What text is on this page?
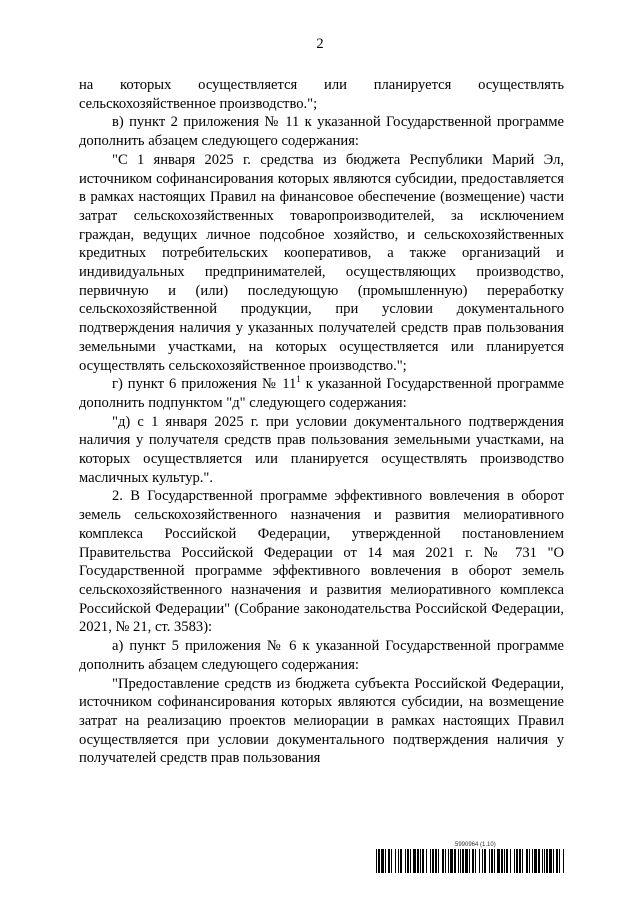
2

на которых осуществляется или планируется осуществлять сельскохозяйственное производство.";

в) пункт 2 приложения № 11 к указанной Государственной программе дополнить абзацем следующего содержания:

"С 1 января 2025 г. средства из бюджета Республики Марий Эл, источником софинансирования которых являются субсидии, предоставляется в рамках настоящих Правил на финансовое обеспечение (возмещение) части затрат сельскохозяйственных товаропроизводителей, за исключением граждан, ведущих личное подсобное хозяйство, и сельскохозяйственных кредитных потребительских кооперативов, а также организаций и индивидуальных предпринимателей, осуществляющих производство, первичную и (или) последующую (промышленную) переработку сельскохозяйственной продукции, при условии документального подтверждения наличия у указанных получателей средств прав пользования земельными участками, на которых осуществляется или планируется осуществлять сельскохозяйственное производство.";

г) пункт 6 приложения № $11^1$ к указанной Государственной программе дополнить подпунктом "д" следующего содержания:

"д) с 1 января 2025 г. при условии документального подтверждения наличия у получателя средств прав пользования земельными участками, на которых осуществляется или планируется осуществлять производство масличных культур.".

2. В Государственной программе эффективного вовлечения в оборот земель сельскохозяйственного назначения и развития мелиоративного комплекса Российской Федерации, утвержденной постановлением Правительства Российской Федерации от 14 мая 2021 г. № 731 "О Государственной программе эффективного вовлечения в оборот земель сельскохозяйственного назначения и развития мелиоративного комплекса Российской Федерации" (Собрание законодательства Российской Федерации, 2021, № 21, ст. 3583):

а) пункт 5 приложения № 6 к указанной Государственной программе дополнить абзацем следующего содержания:

"Предоставление средств из бюджета субъекта Российской Федерации, источником софинансирования которых являются субсидии, на возмещение затрат на реализацию проектов мелиорации в рамках настоящих Правил осуществляется при условии документального подтверждения наличия у получателей средств прав пользования

5990964 (1.10)
